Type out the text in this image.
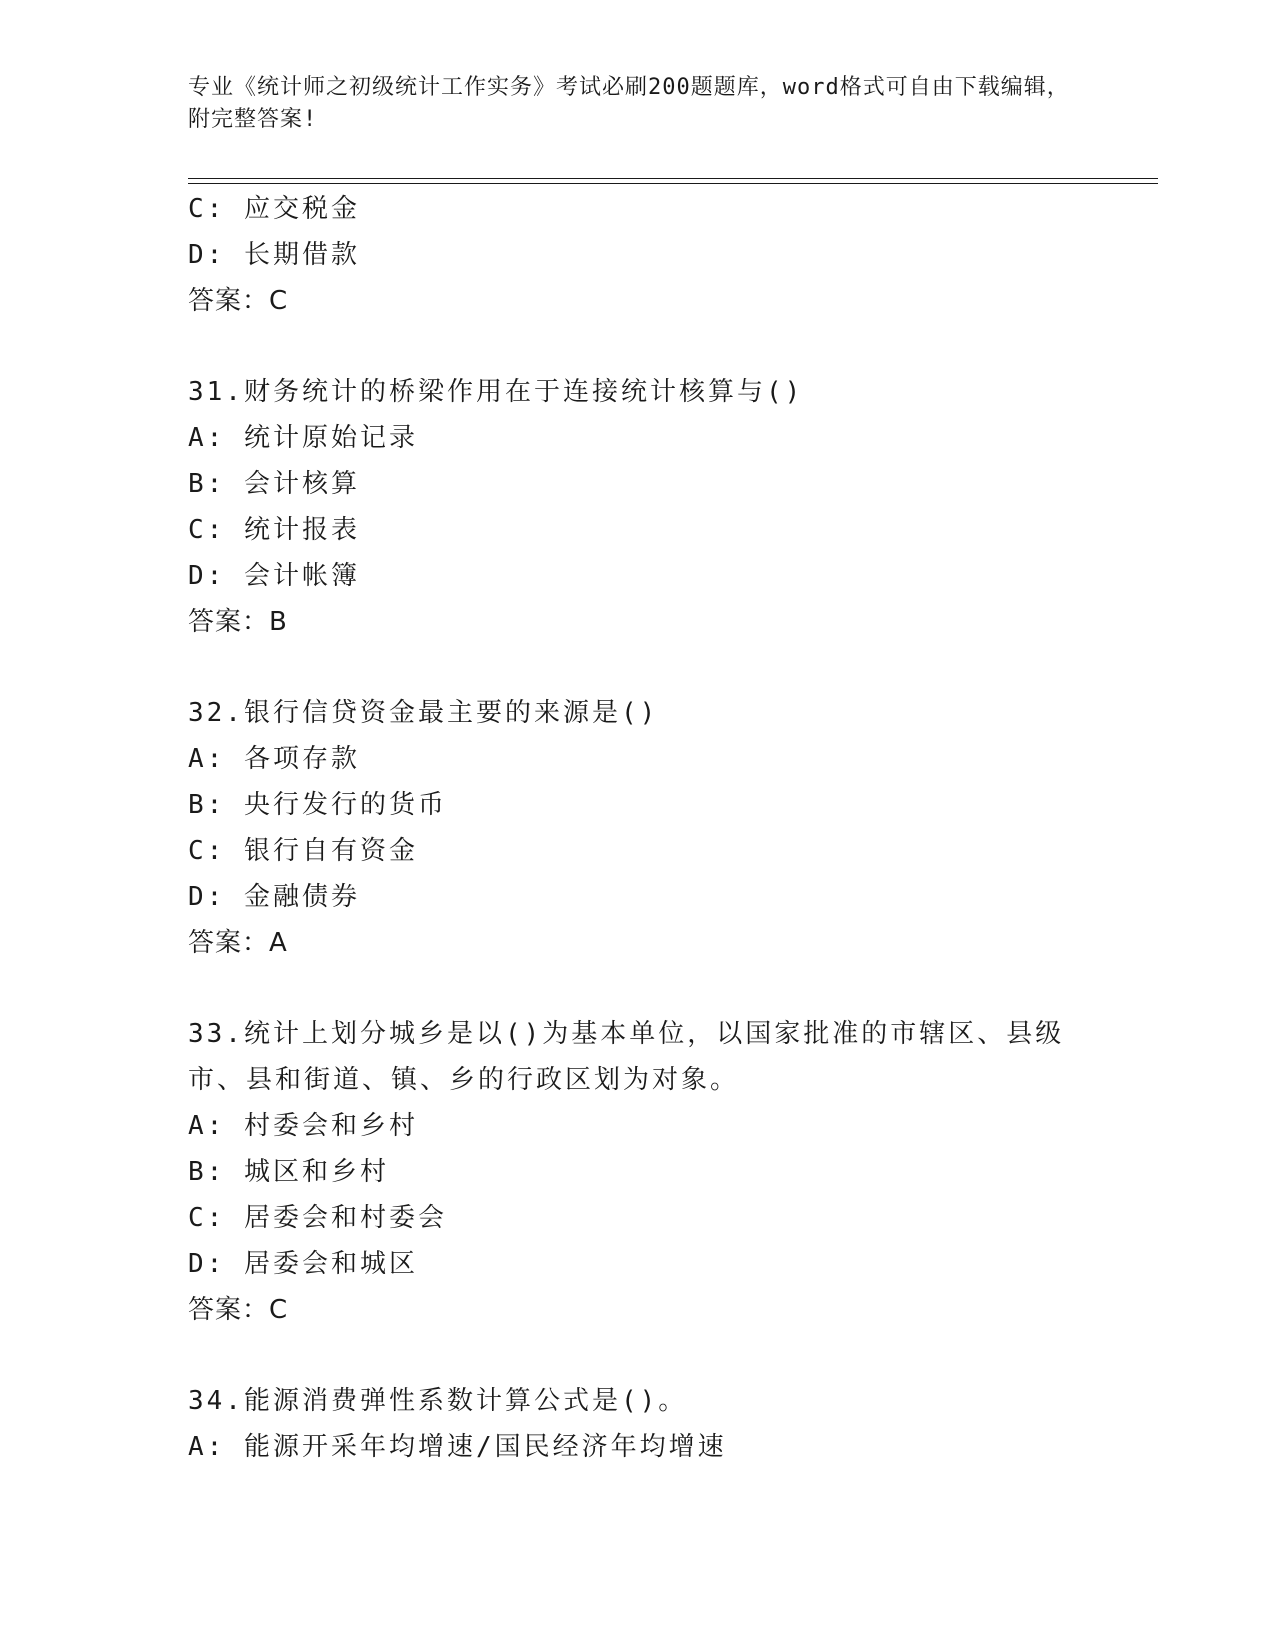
专业《统计师之初级统计工作实务》考试必刷200题题库，word格式可自由下载编辑，附完整答案!
C: 应交税金
D: 长期借款
答案：C
31.财务统计的桥梁作用在于连接统计核算与()
A: 统计原始记录
B: 会计核算
C: 统计报表
D: 会计帐簿
答案：B
32.银行信贷资金最主要的来源是()
A: 各项存款
B: 央行发行的货币
C: 银行自有资金
D: 金融债券
答案：A
33.统计上划分城乡是以()为基本单位，以国家批准的市辖区、县级市、县和街道、镇、乡的行政区划为对象。
A: 村委会和乡村
B: 城区和乡村
C: 居委会和村委会
D: 居委会和城区
答案：C
34.能源消费弹性系数计算公式是()。
A: 能源开采年均增速/国民经济年均增速
